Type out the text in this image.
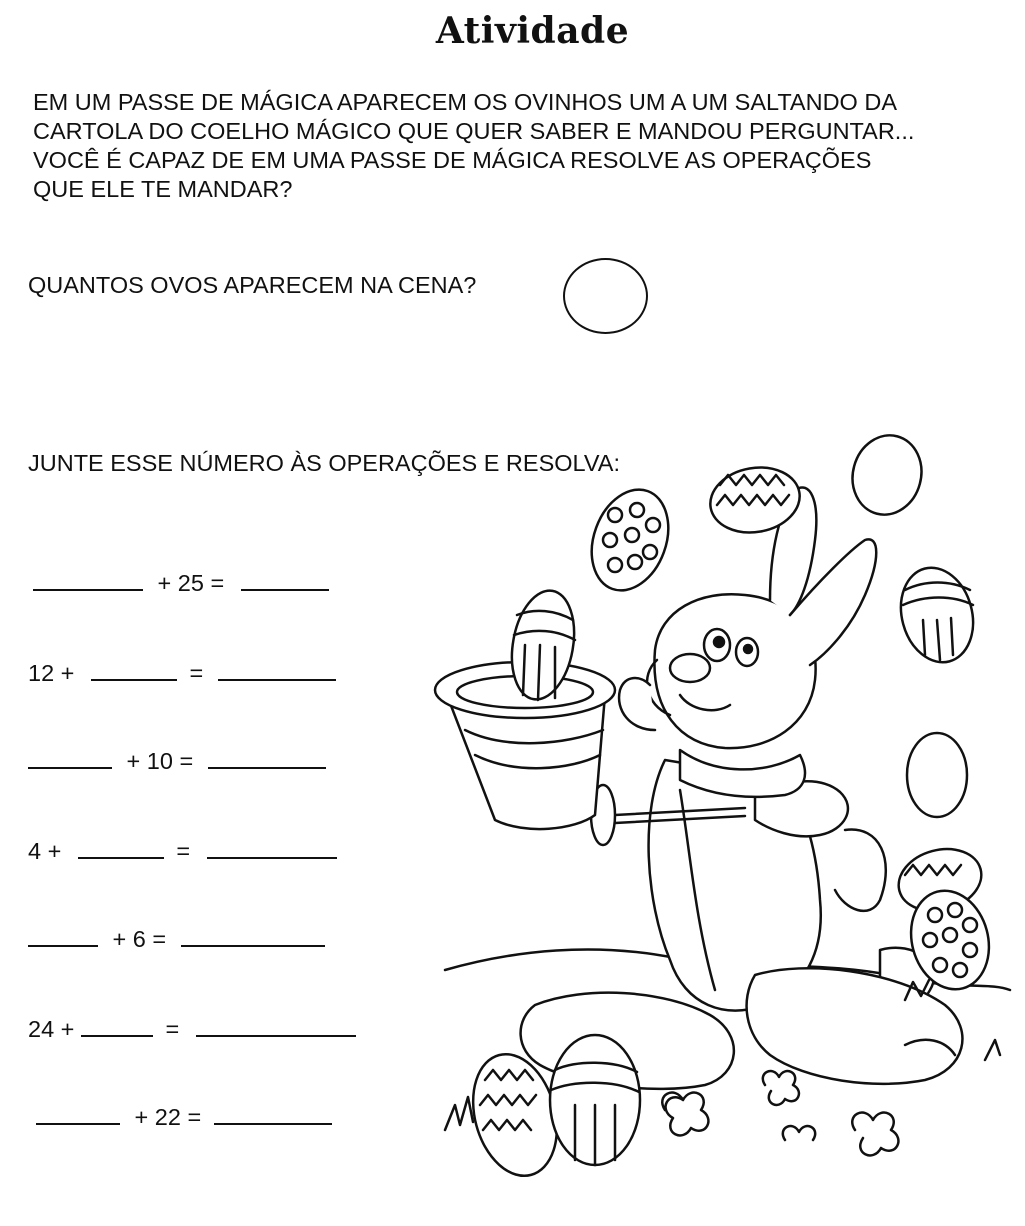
Atividade
EM UM PASSE DE MÁGICA APARECEM OS OVINHOS UM A UM SALTANDO DA
CARTOLA DO COELHO MÁGICO QUE QUER SABER E MANDOU PERGUNTAR...
VOCÊ É CAPAZ DE EM UMA PASSE DE MÁGICA RESOLVE AS OPERAÇÕES
QUE ELE TE MANDAR?
QUANTOS OVOS APARECEM NA CENA?
JUNTE ESSE NÚMERO ÀS OPERAÇÕES E RESOLVA:
+ 25 =
12 +	=
+ 10 =
4 +	=
+ 6 =
24 +	=
+ 22 =
